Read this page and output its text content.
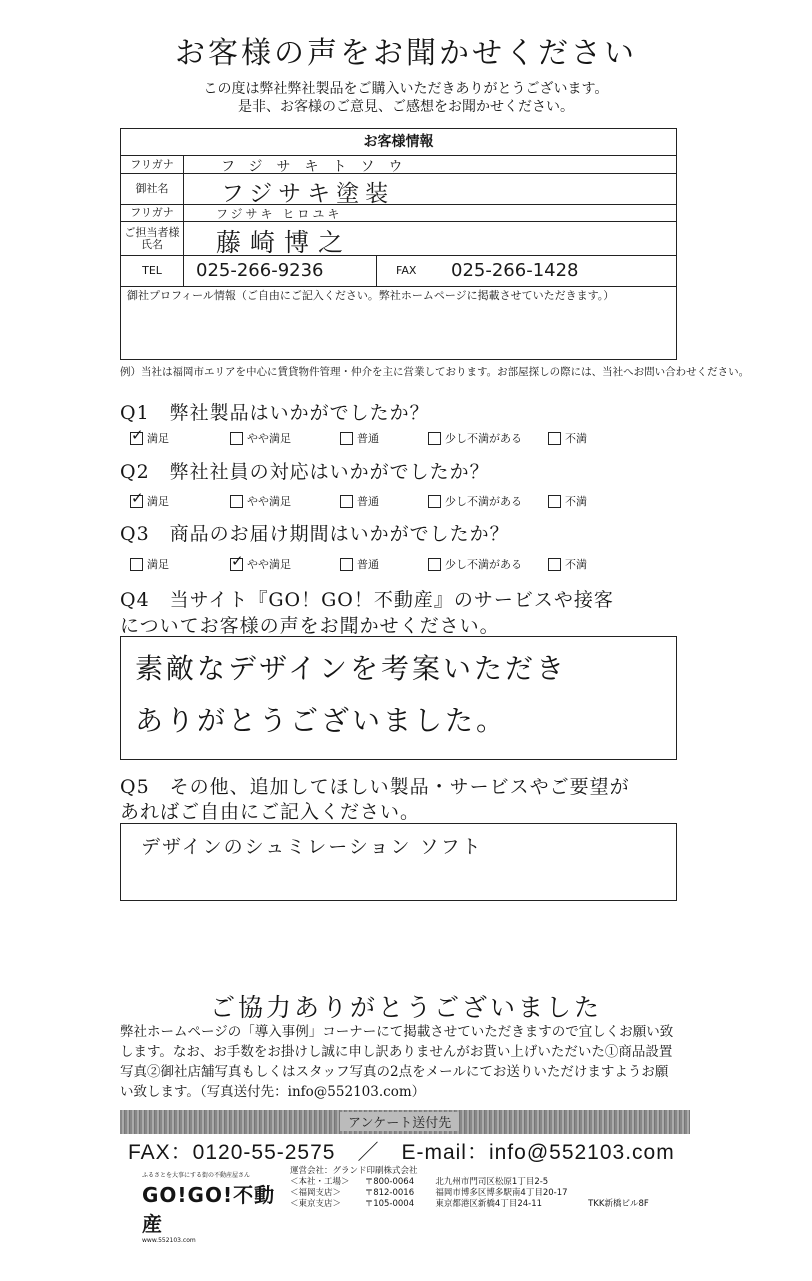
お客様の声をお聞かせください
この度は弊社弊社製品をご購入いただきありがとうございます。
是非、お客様のご意見、ご感想をお聞かせください。
お客様情報
フリガナ	フジサキトソウ
御社名	フジサキ塗装
フリガナ	フジサキ ヒロユキ
ご担当者様氏名	藤崎博之
TEL	025-266-9236	FAX 025-266-1428
御社プロフィール情報（ご自由にご記入ください。弊社ホームページに掲載させていただきます。）
例）当社は福岡市エリアを中心に賃貸物件管理・仲介を主に営業しております。お部屋探しの際には、当社へお問い合わせください。
Q1　弊社製品はいかがでしたか？
✓
満足	やや満足	普通	少し不満がある	不満
Q2　弊社社員の対応はいかがでしたか？
✓
満足	やや満足	普通	少し不満がある	不満
Q3　商品のお届け期間はいかがでしたか？
満足
✓	やや満足	普通	少し不満がある	不満
Q4　当サイト『GO！GO！不動産』のサービスや接客
についてお客様の声をお聞かせください。
素敵なデザインを考案いただき
ありがとうございました。
Q5　その他、追加してほしい製品・サービスやご要望が
あればご自由にご記入ください。
デザインのシュミレーション ソフト
ご協力ありがとうございました
弊社ホームページの「導入事例」コーナーにて掲載させていただきますので宜しくお願い致
します。なお、お手数をお掛けし誠に申し訳ありませんがお貰い上げいただいた①商品設置
写真②御社店舗写真もしくはスタッフ写真の2点をメールにてお送りいただけますようお願
い致します。（写真送付先：info@552103.com）
アンケート送付先
FAX：0120-55-2575　／　E-mail：info@552103.com
ふるさとを大事にする街の不動産屋さん
GO!GO!不動産
www.552103.com
運営会社：グランド印刷株式会社
＜本社・工場＞ 〒800-0064	北九州市門司区松原1丁目2-5
＜福岡支店＞	〒812-0016	福岡市博多区博多駅南4丁目20-17
＜東京支店＞	〒105-0004	東京都港区新橋4丁目24-11	TKK新橋ビル8F
